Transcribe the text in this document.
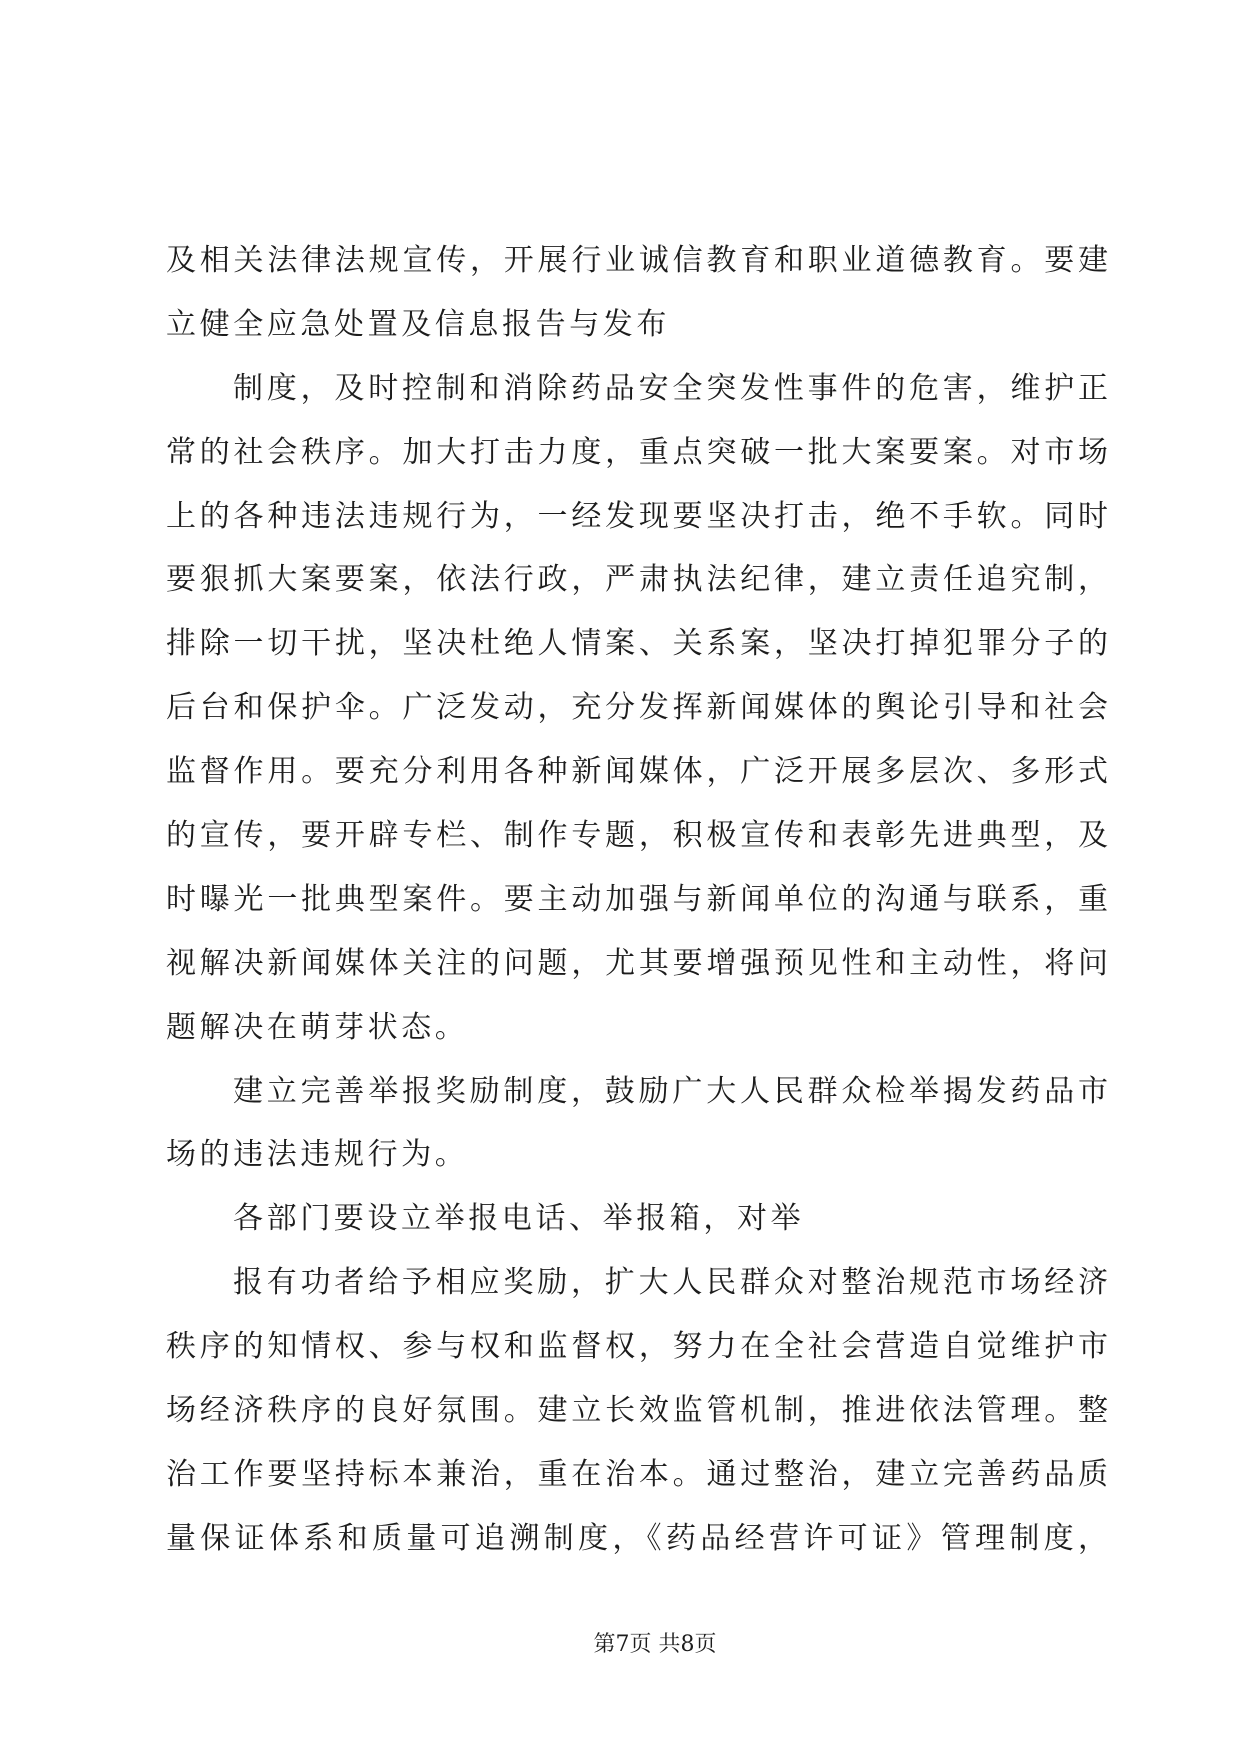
及相关法律法规宣传，开展行业诚信教育和职业道德教育。要建
立健全应急处置及信息报告与发布
制度，及时控制和消除药品安全突发性事件的危害，维护正
常的社会秩序。加大打击力度，重点突破一批大案要案。对市场
上的各种违法违规行为，一经发现要坚决打击，绝不手软。同时
要狠抓大案要案，依法行政，严肃执法纪律，建立责任追究制，
排除一切干扰，坚决杜绝人情案、关系案，坚决打掉犯罪分子的
后台和保护伞。广泛发动，充分发挥新闻媒体的舆论引导和社会
监督作用。要充分利用各种新闻媒体，广泛开展多层次、多形式
的宣传，要开辟专栏、制作专题，积极宣传和表彰先进典型，及
时曝光一批典型案件。要主动加强与新闻单位的沟通与联系，重
视解决新闻媒体关注的问题，尤其要增强预见性和主动性，将问
题解决在萌芽状态。
建立完善举报奖励制度，鼓励广大人民群众检举揭发药品市
场的违法违规行为。
各部门要设立举报电话、举报箱，对举
报有功者给予相应奖励，扩大人民群众对整治规范市场经济
秩序的知情权、参与权和监督权，努力在全社会营造自觉维护市
场经济秩序的良好氛围。建立长效监管机制，推进依法管理。整
治工作要坚持标本兼治，重在治本。通过整治，建立完善药品质
量保证体系和质量可追溯制度，《药品经营许可证》管理制度，
第7页 共8页
